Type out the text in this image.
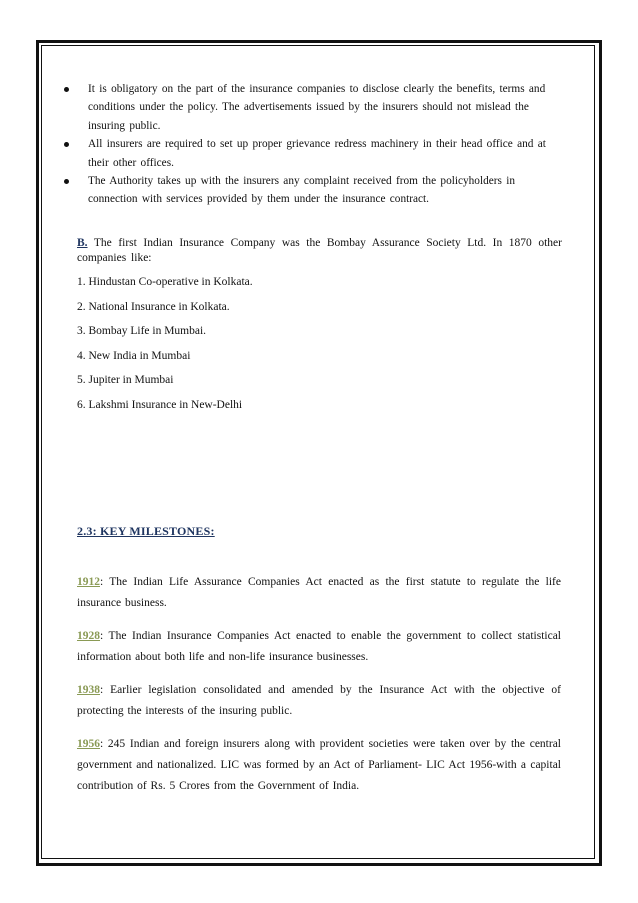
It is obligatory on the part of the insurance companies to disclose clearly the benefits, terms and conditions under the policy. The advertisements issued by the insurers should not mislead the insuring public.
All insurers are required to set up proper grievance redress machinery in their head office and at their other offices.
The Authority takes up with the insurers any complaint received from the policyholders in connection with services provided by them under the insurance contract.

B. The first Indian Insurance Company was the Bombay Assurance Society Ltd. In 1870 other companies like:

1. Hindustan Co-operative in Kolkata.
2. National Insurance in Kolkata.
3. Bombay Life in Mumbai.
4. New India in Mumbai
5. Jupiter in Mumbai
6. Lakshmi Insurance in New-Delhi

2.3: KEY MILESTONES:

1912: The Indian Life Assurance Companies Act enacted as the first statute to regulate the life insurance business.

1928: The Indian Insurance Companies Act enacted to enable the government to collect statistical information about both life and non-life insurance businesses.

1938: Earlier legislation consolidated and amended by the Insurance Act with the objective of protecting the interests of the insuring public.

1956: 245 Indian and foreign insurers along with provident societies were taken over by the central government and nationalized. LIC was formed by an Act of Parliament- LIC Act 1956-with a capital contribution of Rs. 5 Crores from the Government of India.
